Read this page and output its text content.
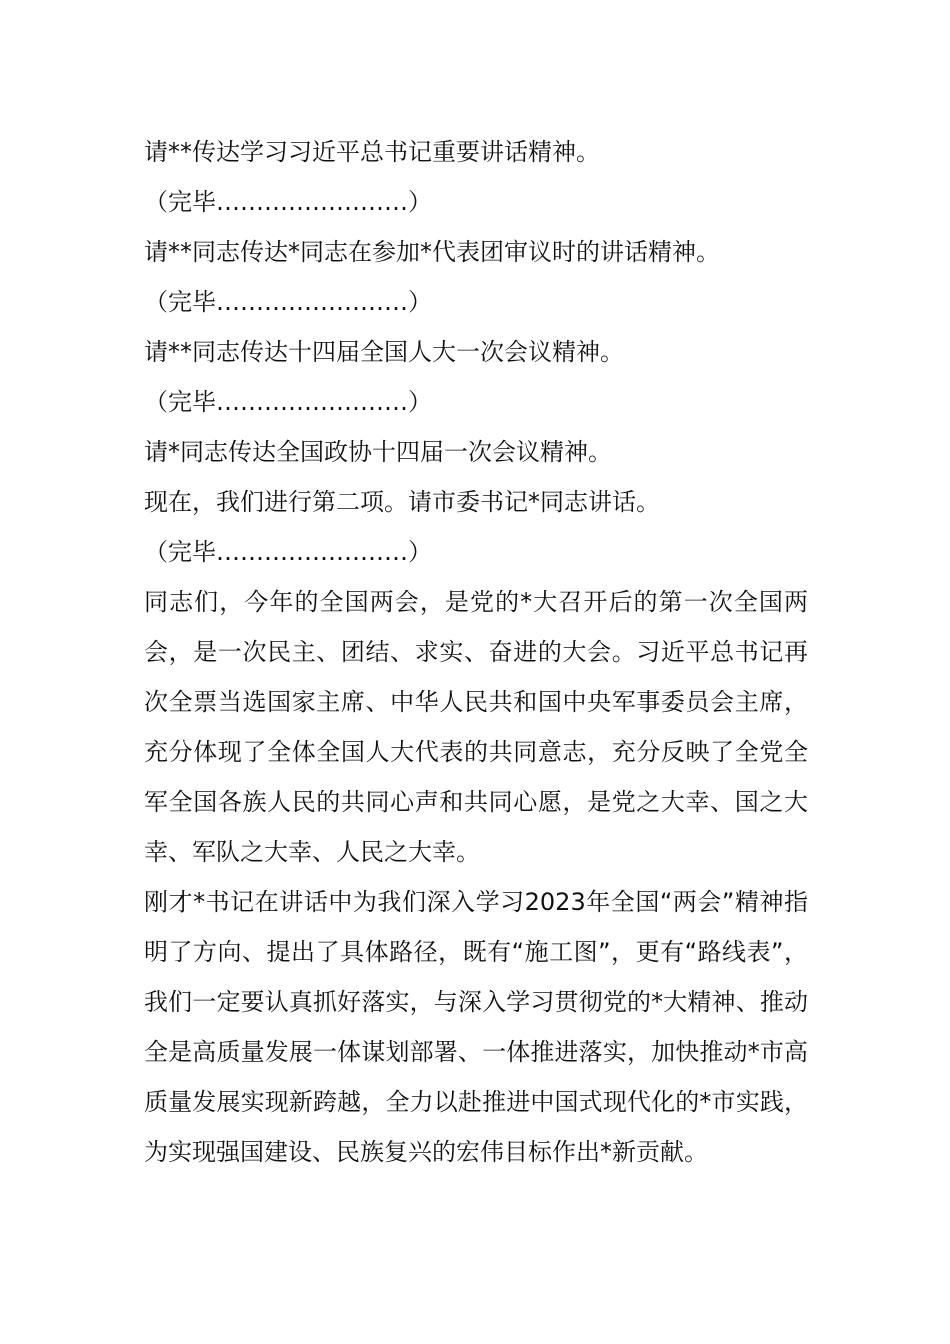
请**传达学习习近平总书记重要讲话精神。
（完毕……………………）
请**同志传达*同志在参加*代表团审议时的讲话精神。
（完毕……………………）
请**同志传达十四届全国人大一次会议精神。
（完毕……………………）
请*同志传达全国政协十四届一次会议精神。
现在，我们进行第二项。请市委书记*同志讲话。
（完毕……………………）
同志们，今年的全国两会，是党的*大召开后的第一次全国两会，是一次民主、团结、求实、奋进的大会。习近平总书记再次全票当选国家主席、中华人民共和国中央军事委员会主席，充分体现了全体全国人大代表的共同意志，充分反映了全党全军全国各族人民的共同心声和共同心愿，是党之大幸、国之大幸、军队之大幸、人民之大幸。
刚才*书记在讲话中为我们深入学习2023年全国“两会”精神指明了方向、提出了具体路径，既有“施工图”，更有“路线表”，我们一定要认真抓好落实，与深入学习贯彻党的*大精神、推动全是高质量发展一体谋划部署、一体推进落实，加快推动*市高质量发展实现新跨越，全力以赴推进中国式现代化的*市实践，为实现强国建设、民族复兴的宏伟目标作出*新贡献。
